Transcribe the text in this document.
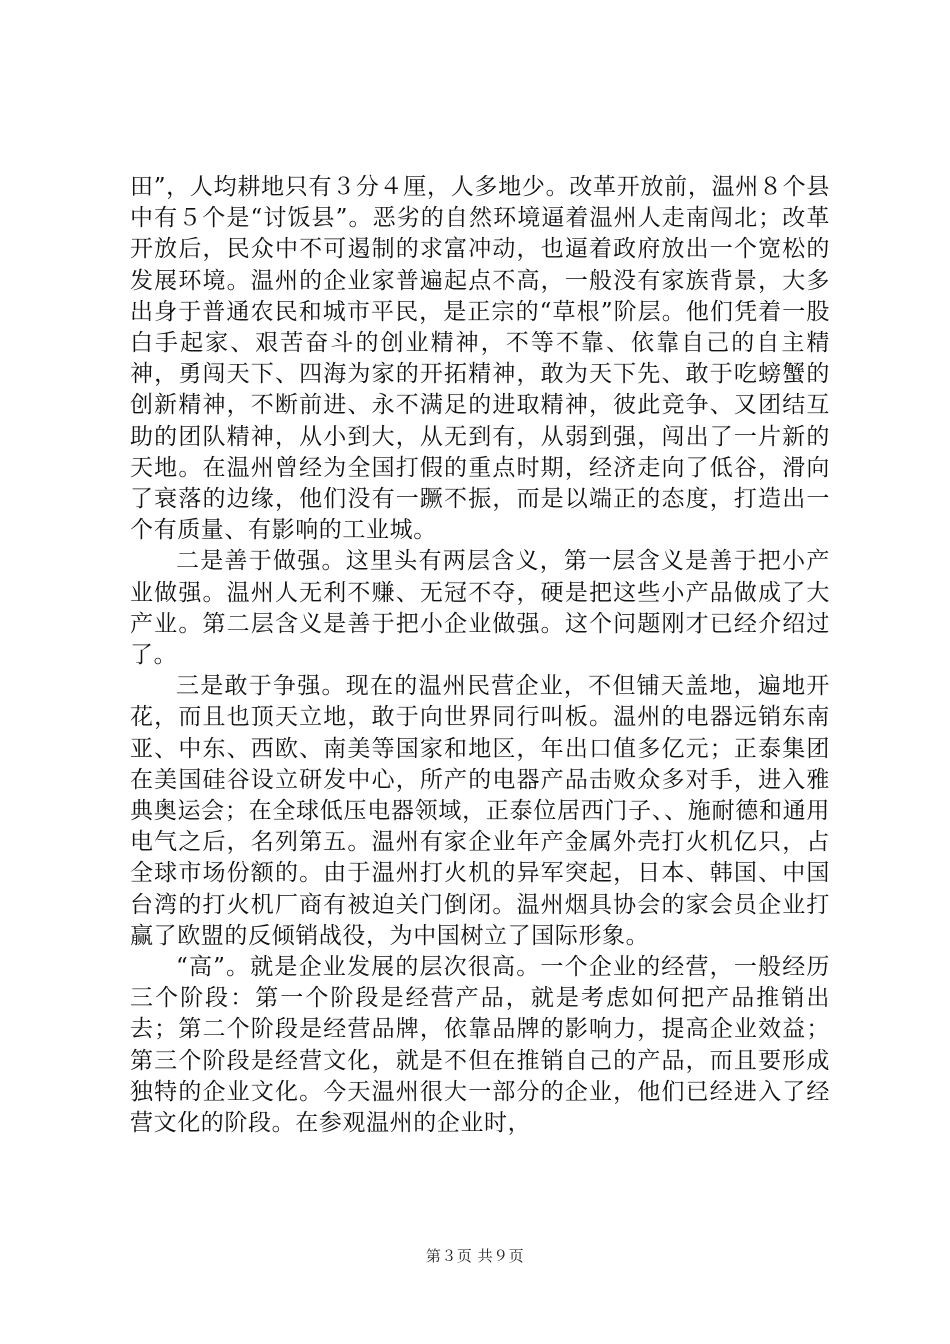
田”，人均耕地只有３分４厘，人多地少。改革开放前，温州８个县中有５个是“讨饭县”。恶劣的自然环境逼着温州人走南闯北；改革开放后，民众中不可遏制的求富冲动，也逼着政府放出一个宽松的发展环境。温州的企业家普遍起点不高，一般没有家族背景，大多出身于普通农民和城市平民，是正宗的“草根”阶层。他们凭着一股白手起家、艰苦奋斗的创业精神，不等不靠、依靠自己的自主精神，勇闯天下、四海为家的开拓精神，敢为天下先、敢于吃螃蟹的创新精神，不断前进、永不满足的进取精神，彼此竞争、又团结互助的团队精神，从小到大，从无到有，从弱到强，闯出了一片新的天地。在温州曾经为全国打假的重点时期，经济走向了低谷，滑向了衰落的边缘，他们没有一蹶不振，而是以端正的态度，打造出一个有质量、有影响的工业城。

二是善于做强。这里头有两层含义，第一层含义是善于把小产业做强。温州人无利不赚、无冠不夺，硬是把这些小产品做成了大产业。第二层含义是善于把小企业做强。这个问题刚才已经介绍过了。

三是敢于争强。现在的温州民营企业，不但铺天盖地，遍地开花，而且也顶天立地，敢于向世界同行叫板。温州的电器远销东南亚、中东、西欧、南美等国家和地区，年出口值多亿元；正泰集团在美国硅谷设立研发中心，所产的电器产品击败众多对手，进入雅典奥运会；在全球低压电器领域，正泰位居西门子、、施耐德和通用电气之后，名列第五。温州有家企业年产金属外壳打火机亿只，占全球市场份额的。由于温州打火机的异军突起，日本、韩国、中国台湾的打火机厂商有被迫关门倒闭。温州烟具协会的家会员企业打赢了欧盟的反倾销战役，为中国树立了国际形象。

“高”。就是企业发展的层次很高。一个企业的经营，一般经历三个阶段：第一个阶段是经营产品，就是考虑如何把产品推销出去；第二个阶段是经营品牌，依靠品牌的影响力，提高企业效益；第三个阶段是经营文化，就是不但在推销自己的产品，而且要形成独特的企业文化。今天温州很大一部分的企业，他们已经进入了经营文化的阶段。在参观温州的企业时，

第３页 共９页
